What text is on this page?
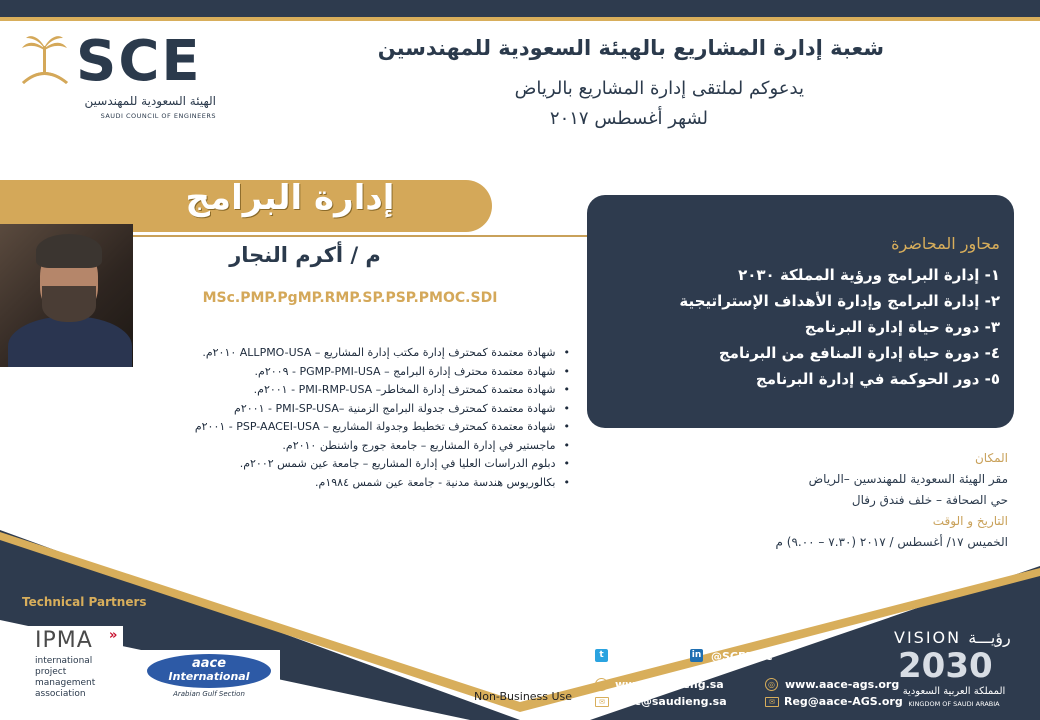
SCE
الهيئة السعودية للمهندسين
SAUDI COUNCIL OF ENGINEERS
شعبة إدارة المشاريع بالهيئة السعودية للمهندسين
يدعوكم لملتقى إدارة المشاريع بالرياض
لشهر أغسطس ٢٠١٧
إدارة البرامج
م / أكرم النجار
MSc.PMP.PgMP.RMP.SP.PSP.PMOC.SDI
• شهادة معتمدة كمحترف إدارة مكتب إدارة المشاريع – ALLPMO-USA ٢٠١٠م.
• شهادة معتمدة محترف إدارة البرامج – PGMP-PMI-USA - ٢٠٠٩م.
• شهادة معتمدة كمحترف إدارة المخاطر– PMI-RMP-USA - ٢٠٠١م.
• شهادة معتمدة كمحترف جدولة البرامج الزمنية –PMI-SP-USA - ٢٠٠١م
• شهادة معتمدة كمحترف تخطيط وجدولة المشاريع – PSP-AACEI-USA - ٢٠٠١م
• ماجستير في إدارة المشاريع – جامعة جورج واشنطن ٢٠١٠م.
• دبلوم الدراسات العليا في إدارة المشاريع – جامعة عين شمس ٢٠٠٢م.
• بكالوريوس هندسة مدنية - جامعة عين شمس ١٩٨٤م.
محاور المحاضرة
١- إدارة البرامج ورؤية المملكة ٢٠٣٠
٢- إدارة البرامج وإدارة الأهداف الإستراتيجية
٣- دورة حياة إدارة البرنامج
٤- دورة حياة إدارة المنافع من البرنامج
٥- دور الحوكمة في إدارة البرنامج
المكان
مقر الهيئة السعودية للمهندسين –الرياض
حي الصحافة – خلف فندق رفال
التاريخ و الوقت
الخميس ١٧/ أغسطس / ٢٠١٧ (٧.٣٠ – ٩.٠٠) م
Technical Partners
IPMA »
international project management association
aace
International
Arabian Gulf Section	Non-Business Use
t @SCEPMC in @SCEPMC
◎ www.saudieng.sa
✉ pmc@saudieng.sa
◎ www.aace-ags.org
✉ Reg@aace-AGS.org
VISION رؤيـــة
2030
المملكة العربية السعودية
KINGDOM OF SAUDI ARABIA
